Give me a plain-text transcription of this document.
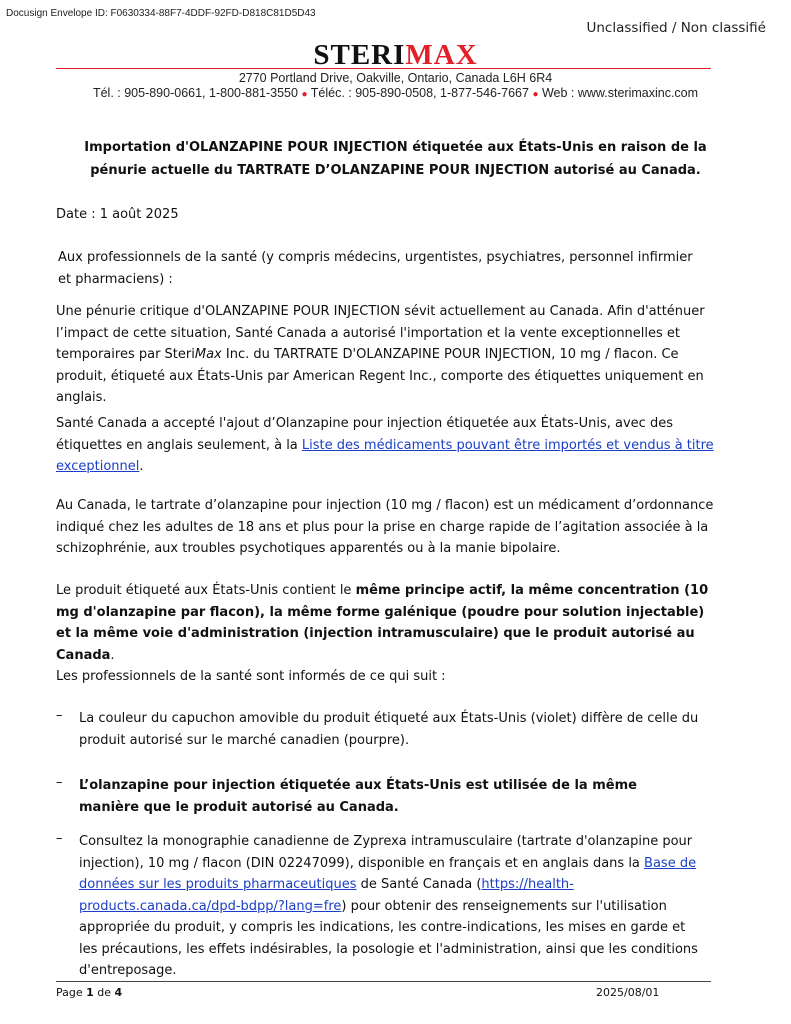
Docusign Envelope ID: F0630334-88F7-4DDF-92FD-D818C81D5D43
Unclassified / Non classifié
STERIMAX
2770 Portland Drive, Oakville, Ontario, Canada L6H 6R4
Tél. : 905-890-0661, 1-800-881-3550 ● Téléc. : 905-890-0508, 1-877-546-7667 ● Web : www.sterimaxinc.com
Importation d'OLANZAPINE POUR INJECTION étiquetée aux États-Unis en raison de la
pénurie actuelle du TARTRATE D’OLANZAPINE POUR INJECTION autorisé au Canada.
Date : 1 août 2025
Aux professionnels de la santé (y compris médecins, urgentistes, psychiatres, personnel infirmier et pharmaciens) :
Une pénurie critique d'OLANZAPINE POUR INJECTION sévit actuellement au Canada. Afin d'atténuer l’impact de cette situation, Santé Canada a autorisé l'importation et la vente exceptionnelles et temporaires par SteriMax Inc. du TARTRATE D'OLANZAPINE POUR INJECTION, 10 mg / flacon. Ce produit, étiqueté aux États-Unis par American Regent Inc., comporte des étiquettes uniquement en anglais.
Santé Canada a accepté l'ajout d’Olanzapine pour injection étiquetée aux États-Unis, avec des étiquettes en anglais seulement, à la Liste des médicaments pouvant être importés et vendus à titre exceptionnel.
Au Canada, le tartrate d’olanzapine pour injection (10 mg / flacon) est un médicament d’ordonnance indiqué chez les adultes de 18 ans et plus pour la prise en charge rapide de l’agitation associée à la schizophrénie, aux troubles psychotiques apparentés ou à la manie bipolaire.
Le produit étiqueté aux États-Unis contient le même principe actif, la même concentration (10 mg d'olanzapine par flacon), la même forme galénique (poudre pour solution injectable) et la même voie d'administration (injection intramusculaire) que le produit autorisé au Canada.
Les professionnels de la santé sont informés de ce qui suit :
– La couleur du capuchon amovible du produit étiqueté aux États-Unis (violet) diffère de celle du produit autorisé sur le marché canadien (pourpre).
– L’olanzapine pour injection étiquetée aux États-Unis est utilisée de la même manière que le produit autorisé au Canada.
– Consultez la monographie canadienne de Zyprexa intramusculaire (tartrate d'olanzapine pour injection), 10 mg / flacon (DIN 02247099), disponible en français et en anglais dans la Base de données sur les produits pharmaceutiques de Santé Canada (https://health-products.canada.ca/dpd-bdpp/?lang=fre) pour obtenir des renseignements sur l'utilisation appropriée du produit, y compris les indications, les contre-indications, les mises en garde et les précautions, les effets indésirables, la posologie et l'administration, ainsi que les conditions d'entreposage.
Page 1 de 4	2025/08/01
